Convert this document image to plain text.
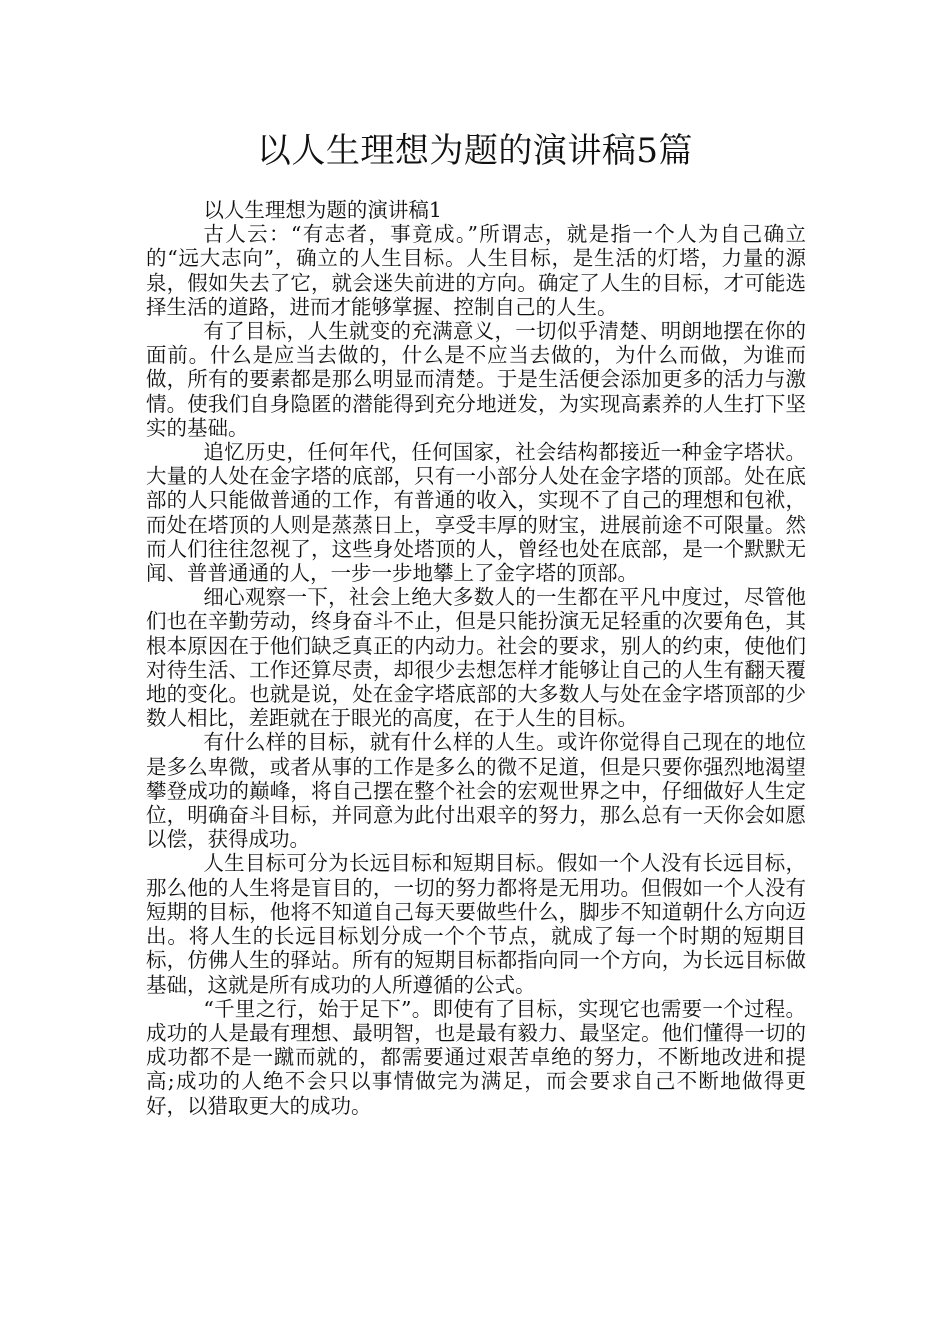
以人生理想为题的演讲稿5篇

以人生理想为题的演讲稿1

古人云：“有志者，事竟成。”所谓志，就是指一个人为自己确立的“远大志向”，确立的人生目标。人生目标，是生活的灯塔，力量的源泉，假如失去了它，就会迷失前进的方向。确定了人生的目标，才可能选择生活的道路，进而才能够掌握、控制自己的人生。

有了目标，人生就变的充满意义，一切似乎清楚、明朗地摆在你的面前。什么是应当去做的，什么是不应当去做的，为什么而做，为谁而做，所有的要素都是那么明显而清楚。于是生活便会添加更多的活力与激情。使我们自身隐匿的潜能得到充分地迸发，为实现高素养的人生打下坚实的基础。

追忆历史，任何年代，任何国家，社会结构都接近一种金字塔状。大量的人处在金字塔的底部，只有一小部分人处在金字塔的顶部。处在底部的人只能做普通的工作，有普通的收入，实现不了自己的理想和包袱，而处在塔顶的人则是蒸蒸日上，享受丰厚的财宝，进展前途不可限量。然而人们往往忽视了，这些身处塔顶的人，曾经也处在底部，是一个默默无闻、普普通通的人，一步一步地攀上了金字塔的顶部。

细心观察一下，社会上绝大多数人的一生都在平凡中度过，尽管他们也在辛勤劳动，终身奋斗不止，但是只能扮演无足轻重的次要角色，其根本原因在于他们缺乏真正的内动力。社会的要求，别人的约束，使他们对待生活、工作还算尽责，却很少去想怎样才能够让自己的人生有翻天覆地的变化。也就是说，处在金字塔底部的大多数人与处在金字塔顶部的少数人相比，差距就在于眼光的高度，在于人生的目标。

有什么样的目标，就有什么样的人生。或许你觉得自己现在的地位是多么卑微，或者从事的工作是多么的微不足道，但是只要你强烈地渴望攀登成功的巅峰，将自己摆在整个社会的宏观世界之中，仔细做好人生定位，明确奋斗目标，并同意为此付出艰辛的努力，那么总有一天你会如愿以偿，获得成功。

人生目标可分为长远目标和短期目标。假如一个人没有长远目标，那么他的人生将是盲目的，一切的努力都将是无用功。但假如一个人没有短期的目标，他将不知道自己每天要做些什么，脚步不知道朝什么方向迈出。将人生的长远目标划分成一个个节点，就成了每一个时期的短期目标，仿佛人生的驿站。所有的短期目标都指向同一个方向，为长远目标做基础，这就是所有成功的人所遵循的公式。

“千里之行，始于足下”。即使有了目标，实现它也需要一个过程。成功的人是最有理想、最明智，也是最有毅力、最坚定。他们懂得一切的成功都不是一蹴而就的，都需要通过艰苦卓绝的努力，不断地改进和提高;成功的人绝不会只以事情做完为满足，而会要求自己不断地做得更好，以猎取更大的成功。
